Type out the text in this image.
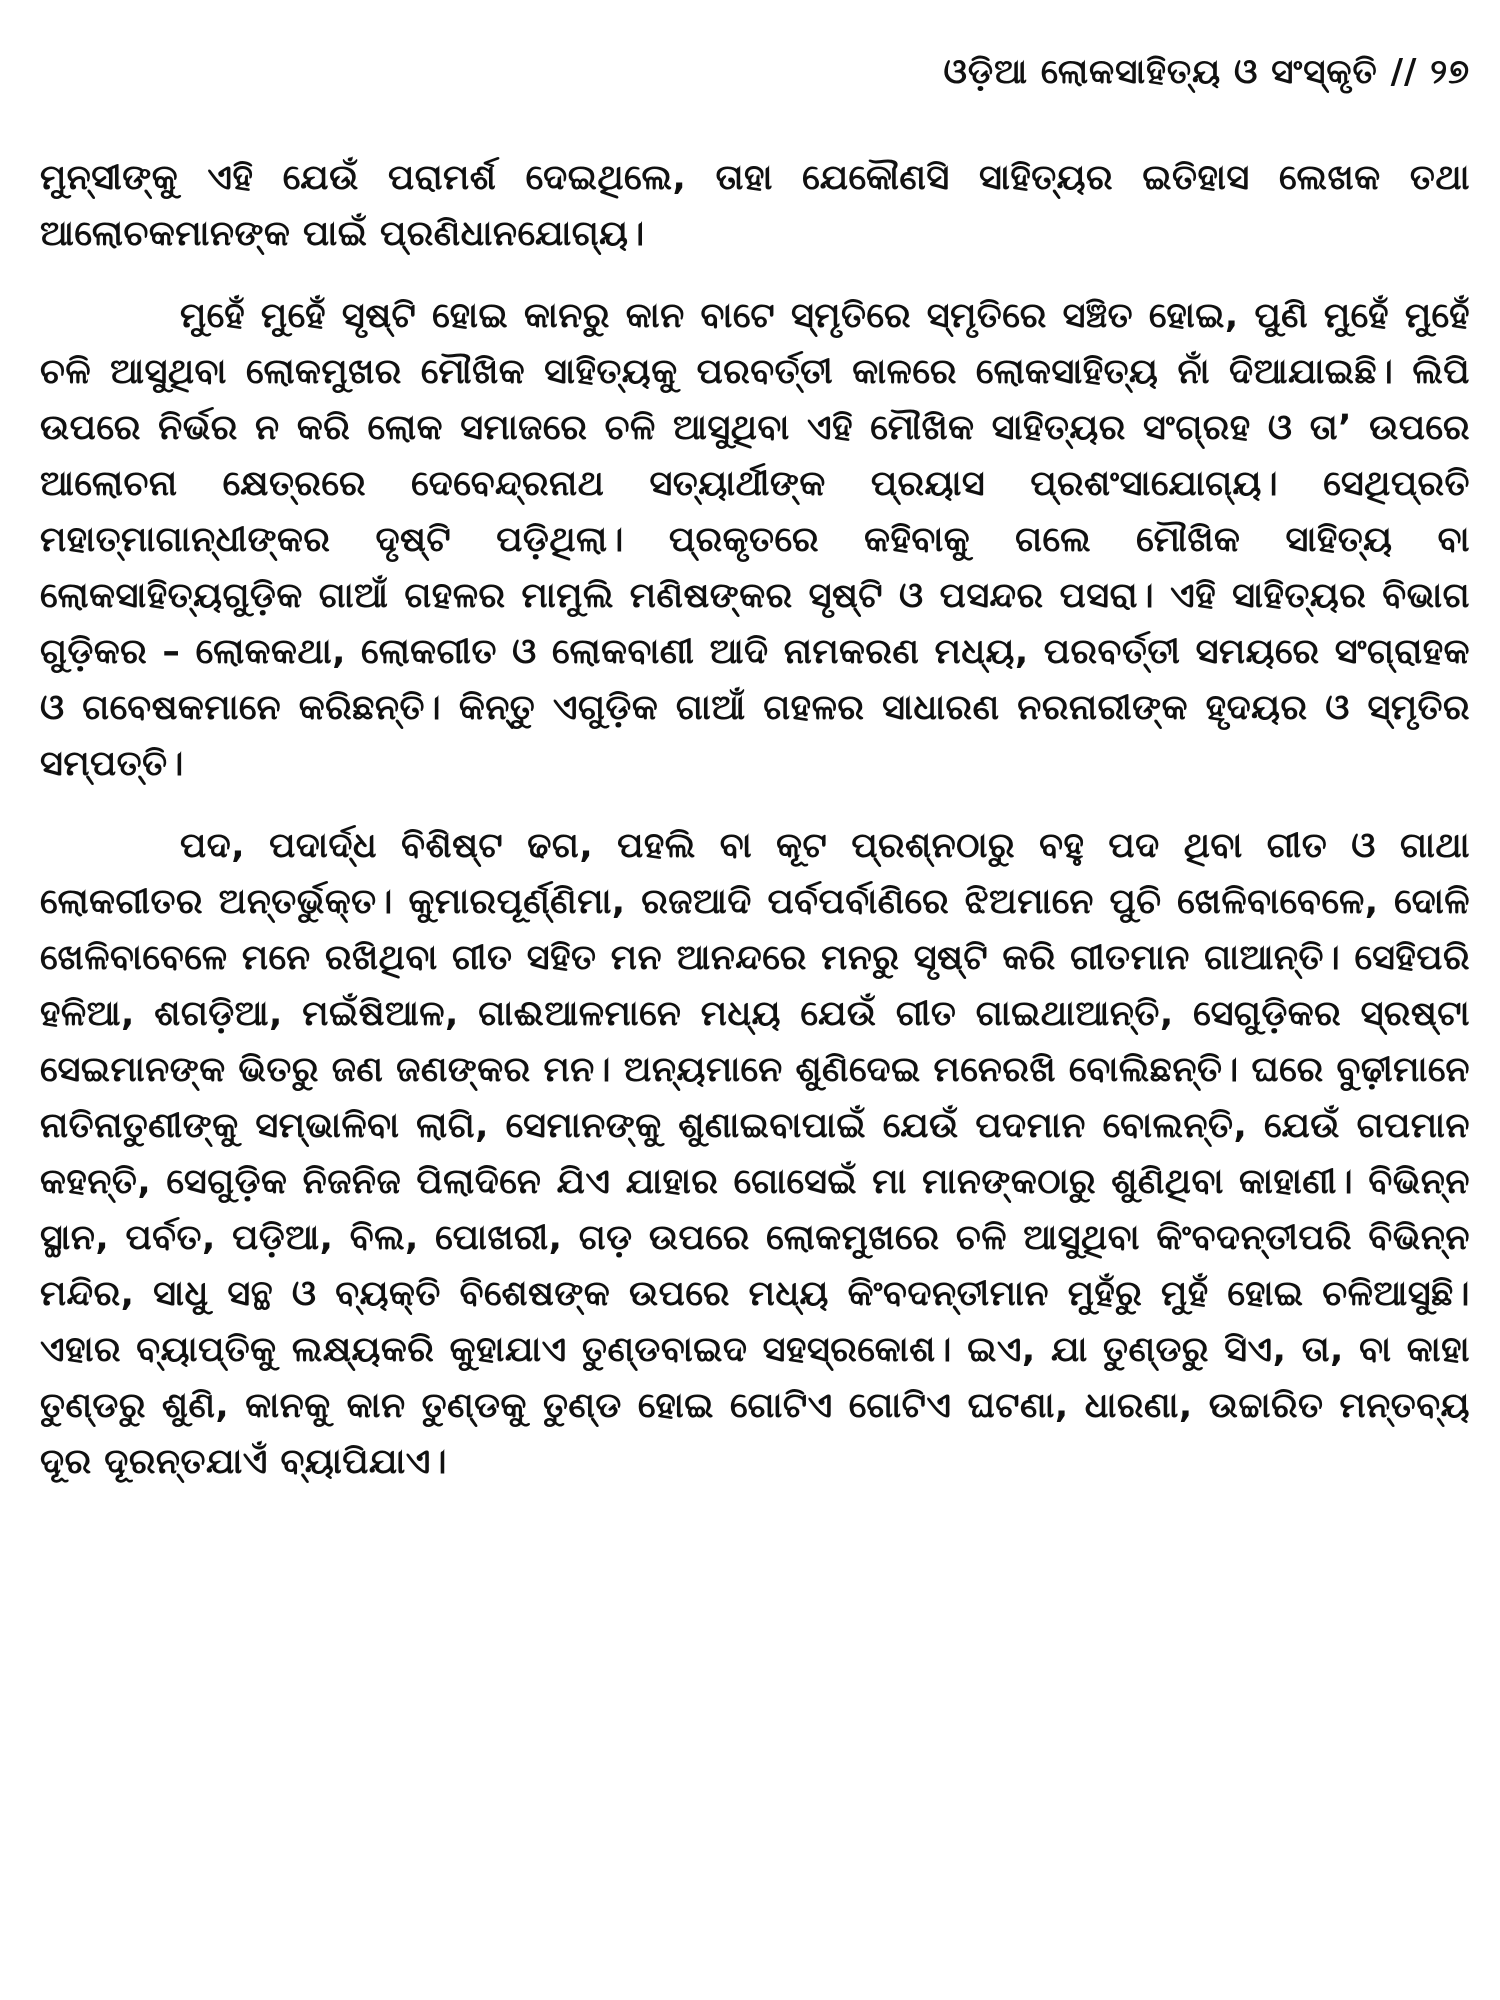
ଓଡ଼ିଆ ଲୋକସାହିତ୍ୟ ଓ ସଂସ୍କୃତି // ୨୭

ମୁନ୍‌ସୀଙ୍କୁ ଏହି ଯେଉଁ ପରାମର୍ଶ ଦେଇଥିଲେ, ତାହା ଯେକୌଣସି ସାହିତ୍ୟର ଇତିହାସ ଲେଖକ ତଥା ଆଲୋଚକମାନଙ୍କ ପାଇଁ ପ୍ରଣିଧାନଯୋଗ୍ୟ।

ମୁହେଁ ମୁହେଁ ସୃଷ୍ଟି ହୋଇ କାନରୁ କାନ ବାଟେ ସ୍ମୃତିରେ ସ୍ମୃତିରେ ସଞ୍ଚିତ ହୋଇ, ପୁଣି ମୁହେଁ ମୁହେଁ ଚଳି ଆସୁଥିବା ଲୋକମୁଖର ମୌଖିକ ସାହିତ୍ୟକୁ ପରବର୍ତ୍ତୀ କାଳରେ ଲୋକସାହିତ୍ୟ ନାଁ ଦିଆଯାଇଛି। ଲିପି ଉପରେ ନିର୍ଭର ନ କରି ଲୋକ ସମାଜରେ ଚଳି ଆସୁଥିବା ଏହି ମୌଖିକ ସାହିତ୍ୟର ସଂଗ୍ରହ ଓ ତା’ ଉପରେ ଆଲୋଚନା କ୍ଷେତ୍ରରେ ଦେବେନ୍ଦ୍ରନାଥ ସତ୍ୟାର୍ଥୀଙ୍କ ପ୍ରୟାସ ପ୍ରଶଂସାଯୋଗ୍ୟ। ସେଥିପ୍ରତି ମହାତ୍ମାଗାନ୍ଧୀଙ୍କର ଦୃଷ୍ଟି ପଡ଼ିଥିଲା। ପ୍ରକୃତରେ କହିବାକୁ ଗଲେ ମୌଖିକ ସାହିତ୍ୟ ବା ଲୋକସାହିତ୍ୟଗୁଡ଼ିକ ଗାଆଁ ଗହଳର ମାମୁଲି ମଣିଷଙ୍କର ସୃଷ୍ଟି ଓ ପସନ୍ଦର ପସରା। ଏହି ସାହିତ୍ୟର ବିଭାଗ ଗୁଡ଼ିକର – ଲୋକକଥା, ଲୋକଗୀତ ଓ ଲୋକବାଣୀ ଆଦି ନାମକରଣ ମଧ୍ୟ, ପରବର୍ତ୍ତୀ ସମୟରେ ସଂଗ୍ରାହକ ଓ ଗବେଷକମାନେ କରିଛନ୍ତି। କିନ୍ତୁ ଏଗୁଡ଼ିକ ଗାଆଁ ଗହଳର ସାଧାରଣ ନରନାରୀଙ୍କ ହୃଦୟର ଓ ସ୍ମୃତିର ସମ୍ପତ୍ତି।

ପଦ, ପଦାର୍ଦ୍ଧ ବିଶିଷ୍ଟ ଢଗ, ପହଲି ବା କୂଟ ପ୍ରଶ୍ନଠାରୁ ବହୁ ପଦ ଥିବା ଗୀତ ଓ ଗାଥା ଲୋକଗୀତର ଅନ୍ତର୍ଭୁକ୍ତ। କୁମାରପୂର୍ଣ୍ଣିମା, ରଜଆଦି ପର୍ବପର୍ବାଣିରେ ଝିଅମାନେ ପୁଚି ଖେଳିବାବେଳେ, ଦୋଳି ଖେଳିବାବେଳେ ମନେ ରଖିଥିବା ଗୀତ ସହିତ ମନ ଆନନ୍ଦରେ ମନରୁ ସୃଷ୍ଟି କରି ଗୀତମାନ ଗାଆନ୍ତି। ସେହିପରି ହଳିଆ, ଶଗଡ଼ିଆ, ମଇଁଷିଆଳ, ଗାଈଆଳମାନେ ମଧ୍ୟ ଯେଉଁ ଗୀତ ଗାଇଥାଆନ୍ତି, ସେଗୁଡ଼ିକର ସ୍ରଷ୍ଟା ସେଇମାନଙ୍କ ଭିତରୁ ଜଣ ଜଣଙ୍କର ମନ। ଅନ୍ୟମାନେ ଶୁଣିଦେଇ ମନେରଖି ବୋଲିଛନ୍ତି। ଘରେ ବୁଢ଼ୀମାନେ ନାତିନାତୁଣୀଙ୍କୁ ସମ୍ଭାଳିବା ଲାଗି, ସେମାନଙ୍କୁ ଶୁଣାଇବାପାଇଁ ଯେଉଁ ପଦମାନ ବୋଲନ୍ତି, ଯେଉଁ ଗପମାନ କହନ୍ତି, ସେଗୁଡ଼ିକ ନିଜନିଜ ପିଲାଦିନେ ଯିଏ ଯାହାର ଗୋସେଇଁ ମା ମାନଙ୍କଠାରୁ ଶୁଣିଥିବା କାହାଣୀ। ବିଭିନ୍ନ ସ୍ଥାନ, ପର୍ବତ, ପଡ଼ିଆ, ବିଲ, ପୋଖରୀ, ଗଡ଼ ଉପରେ ଲୋକମୁଖରେ ଚଳି ଆସୁଥିବା କିଂବଦନ୍ତୀପରି ବିଭିନ୍ନ ମନ୍ଦିର, ସାଧୁ ସନ୍ଥ ଓ ବ୍ୟକ୍ତି ବିଶେଷଙ୍କ ଉପରେ ମଧ୍ୟ କିଂବଦନ୍ତୀମାନ ମୁହଁରୁ ମୁହଁ ହୋଇ ଚଳିଆସୁଛି। ଏହାର ବ୍ୟାପ୍ତିକୁ ଲକ୍ଷ୍ୟକରି କୁହାଯାଏ ତୁଣ୍ଡବାଇଦ ସହସ୍ରକୋଶ। ଇଏ, ଯା ତୁଣ୍ଡରୁ ସିଏ, ତା, ବା କାହା ତୁଣ୍ଡରୁ ଶୁଣି, କାନକୁ କାନ ତୁଣ୍ଡକୁ ତୁଣ୍ଡ ହୋଇ ଗୋଟିଏ ଗୋଟିଏ ଘଟଣା, ଧାରଣା, ଉଚ୍ଚାରିତ ମନ୍ତବ୍ୟ ଦୂର ଦୂରନ୍ତଯାଏଁ ବ୍ୟାପିଯାଏ।
